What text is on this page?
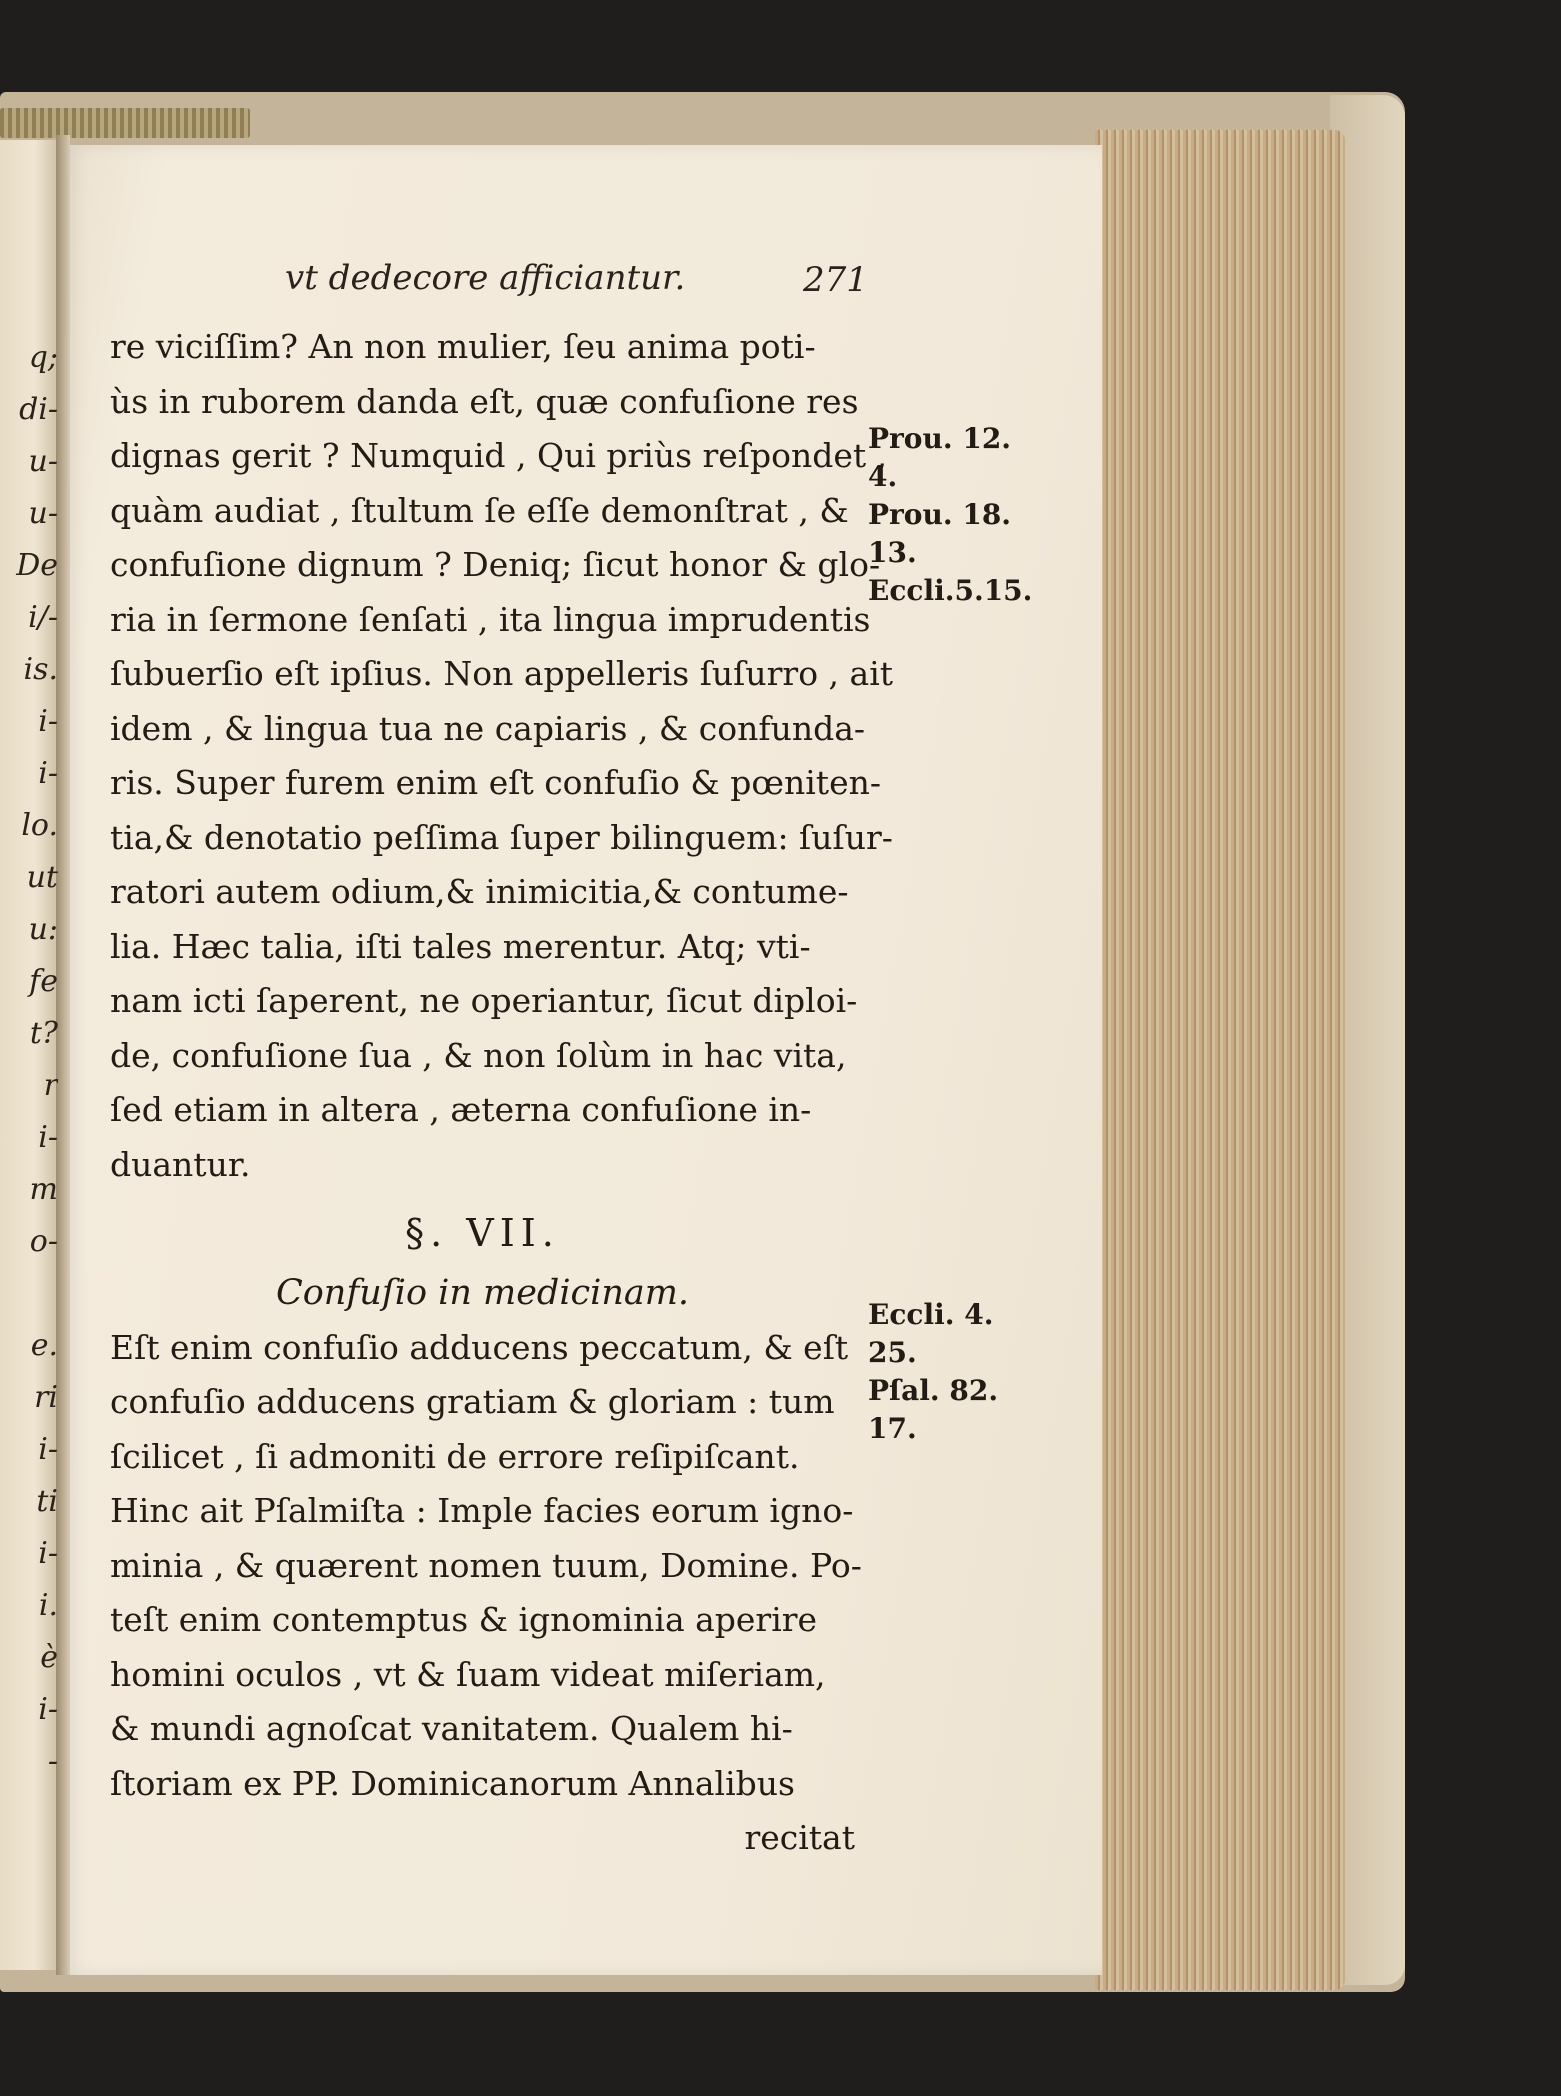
q;
di-
u-
u-
De
i/-
is.
i-
i-
lo.
ut
u:
fe
t?
r
i-
m
o-
e.
ri
i-
ti
i-
i.
è
i-
-
vt dedecore afficiantur.	271
re viciſſim? An non mulier, ſeu anima poti-
ùs in ruborem danda eſt, quæ confuſione res
dignas gerit ? Numquid , Qui priùs reſpondet ,
quàm audiat , ſtultum ſe eſſe demonſtrat , &
confuſione dignum ? Deniq; ſicut honor & glo-
ria in ſermone ſenſati , ita lingua imprudentis
ſubuerſio eſt ipſius. Non appelleris ſuſurro , ait
idem , & lingua tua ne capiaris , & confunda-
ris. Super furem enim eſt confuſio & pœniten-
tia,& denotatio peſſima ſuper bilinguem: ſuſur-
ratori autem odium,& inimicitia,& contume-
lia. Hæc talia, iſti tales merentur. Atq; vti-
nam icti ſaperent, ne operiantur, ſicut diploi-
de, confuſione ſua , & non ſolùm in hac vita,
ſed etiam in altera , æterna confuſione in-
duantur.
§. VII.
Confuſio in medicinam.
Eſt enim confuſio adducens peccatum, & eſt
confuſio adducens gratiam & gloriam : tum
ſcilicet , ſi admoniti de errore reſipiſcant.
Hinc ait Pſalmiſta : Imple facies eorum igno-
minia , & quærent nomen tuum, Domine. Po-
teſt enim contemptus & ignominia aperire
homini oculos , vt & ſuam videat miſeriam,
& mundi agnoſcat vanitatem. Qualem hi-
ſtoriam ex PP. Dominicanorum Annalibus
recitat
Prou. 12.
4.
Prou. 18.
13.
Eccli.5.15.
Eccli. 4.
25.
Pſal. 82.
17.
